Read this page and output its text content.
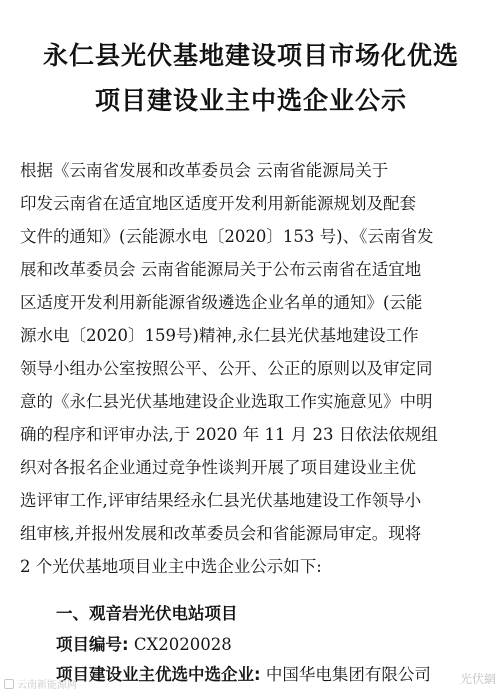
永仁县光伏基地建设项目市场化优选
项目建设业主中选企业公示
根据《云南省发展和改革委员会 云南省能源局关于
印发云南省在适宜地区适度开发利用新能源规划及配套
文件的通知》(云能源水电〔2020〕153 号)、《云南省发
展和改革委员会 云南省能源局关于公布云南省在适宜地
区适度开发利用新能源省级遴选企业名单的通知》(云能
源水电〔2020〕159号)精神,永仁县光伏基地建设工作
领导小组办公室按照公平、公开、公正的原则以及审定同
意的《永仁县光伏基地建设企业选取工作实施意见》中明
确的程序和评审办法,于 2020 年 11 月 23 日依法依规组
织对各报名企业通过竞争性谈判开展了项目建设业主优
选评审工作,评审结果经永仁县光伏基地建设工作领导小
组审核,并报州发展和改革委员会和省能源局审定。现将
2 个光伏基地项目业主中选企业公示如下:
一、观音岩光伏电站项目
项目编号: CX2020028
项目建设业主优选中选企业: 中国华电集团有限公司
云南新能源网	光伏網
